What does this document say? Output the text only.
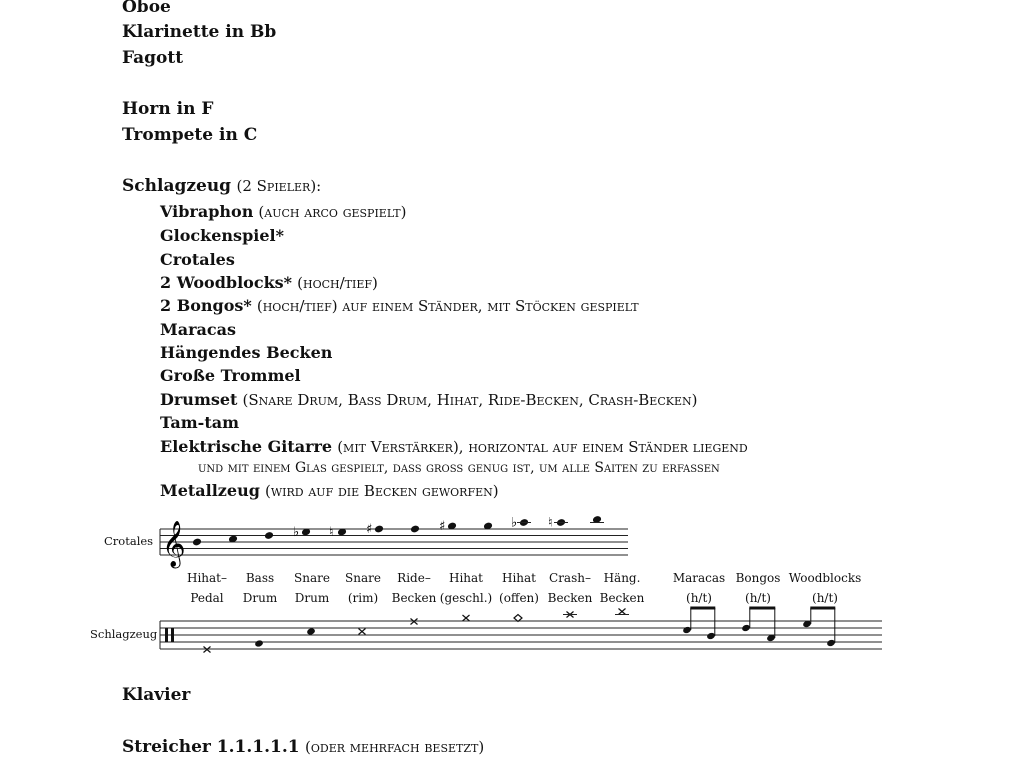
Oboe
Klarinette in Bb
Fagott
Horn in F
Trompete in C
Schlagzeug (2 Spieler):
Vibraphon (auch arco gespielt)
Glockenspiel*
Crotales
2 Woodblocks* (hoch/tief)
2 Bongos* (hoch/tief) auf einem Ständer, mit Stöcken gespielt
Maracas
Hängendes Becken
Große Trommel
Drumset (Snare Drum, Bass Drum, Hihat, Ride-Becken, Crash-Becken)
Tam-tam
Elektrische Gitarre (mit Verstärker), horizontal auf einem Ständer liegend
und mit einem Glas gespielt, dass groß genug ist, um alle Saiten zu erfassen
Metallzeug (wird auf die Becken geworfen)
Crotales 𝄞	♭ ♮ ♯	♯	♭ ♮
Hihat–
Pedal
Bass
Drum
Snare
Drum
Snare
(rim)
Ride–
Becken
Hihat
(geschl.)
Hihat
(offen)
Crash–
Becken
Häng.
Becken
Maracas
(h/t)
Bongos
(h/t)
Woodblocks
(h/t)
Schlagzeug
Klavier
Streicher 1.1.1.1.1 (oder mehrfach besetzt)
